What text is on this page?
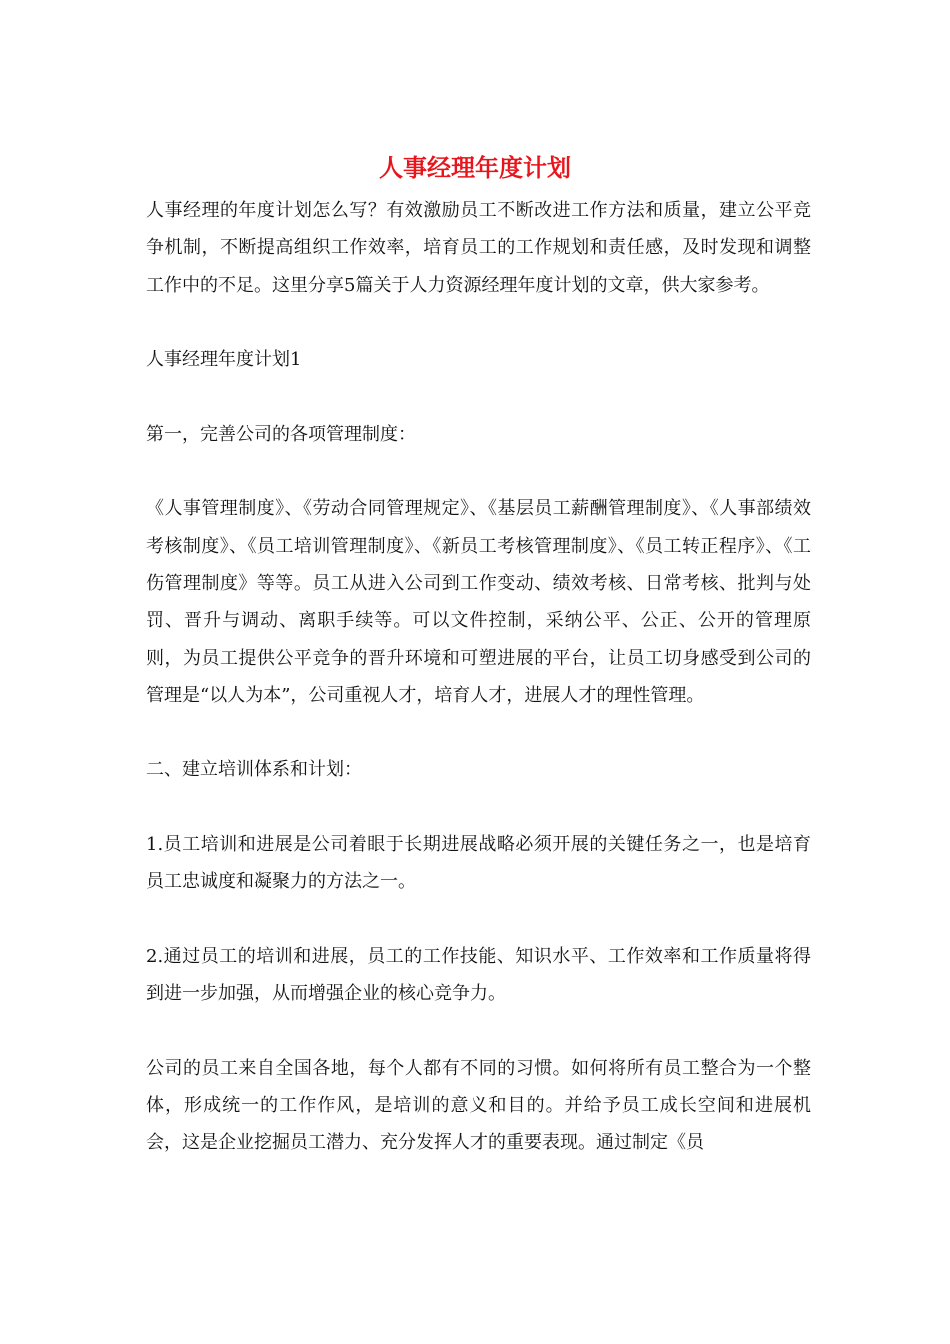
人事经理年度计划

人事经理的年度计划怎么写？有效激励员工不断改进工作方法和质量，建立公平竞争机制，不断提高组织工作效率，培育员工的工作规划和责任感，及时发现和调整工作中的不足。这里分享5篇关于人力资源经理年度计划的文章，供大家参考。

人事经理年度计划1

第一，完善公司的各项管理制度：

《人事管理制度》、《劳动合同管理规定》、《基层员工薪酬管理制度》、《人事部绩效考核制度》、《员工培训管理制度》、《新员工考核管理制度》、《员工转正程序》、《工伤管理制度》等等。员工从进入公司到工作变动、绩效考核、日常考核、批判与处罚、晋升与调动、离职手续等。可以文件控制，采纳公平、公正、公开的管理原则，为员工提供公平竞争的晋升环境和可塑进展的平台，让员工切身感受到公司的管理是“以人为本”，公司重视人才，培育人才，进展人才的理性管理。

二、建立培训体系和计划：

1.员工培训和进展是公司着眼于长期进展战略必须开展的关键任务之一，也是培育员工忠诚度和凝聚力的方法之一。

2.通过员工的培训和进展，员工的工作技能、知识水平、工作效率和工作质量将得到进一步加强，从而增强企业的核心竞争力。

公司的员工来自全国各地，每个人都有不同的习惯。如何将所有员工整合为一个整体，形成统一的工作作风，是培训的意义和目的。并给予员工成长空间和进展机会，这是企业挖掘员工潜力、充分发挥人才的重要表现。通过制定《员
